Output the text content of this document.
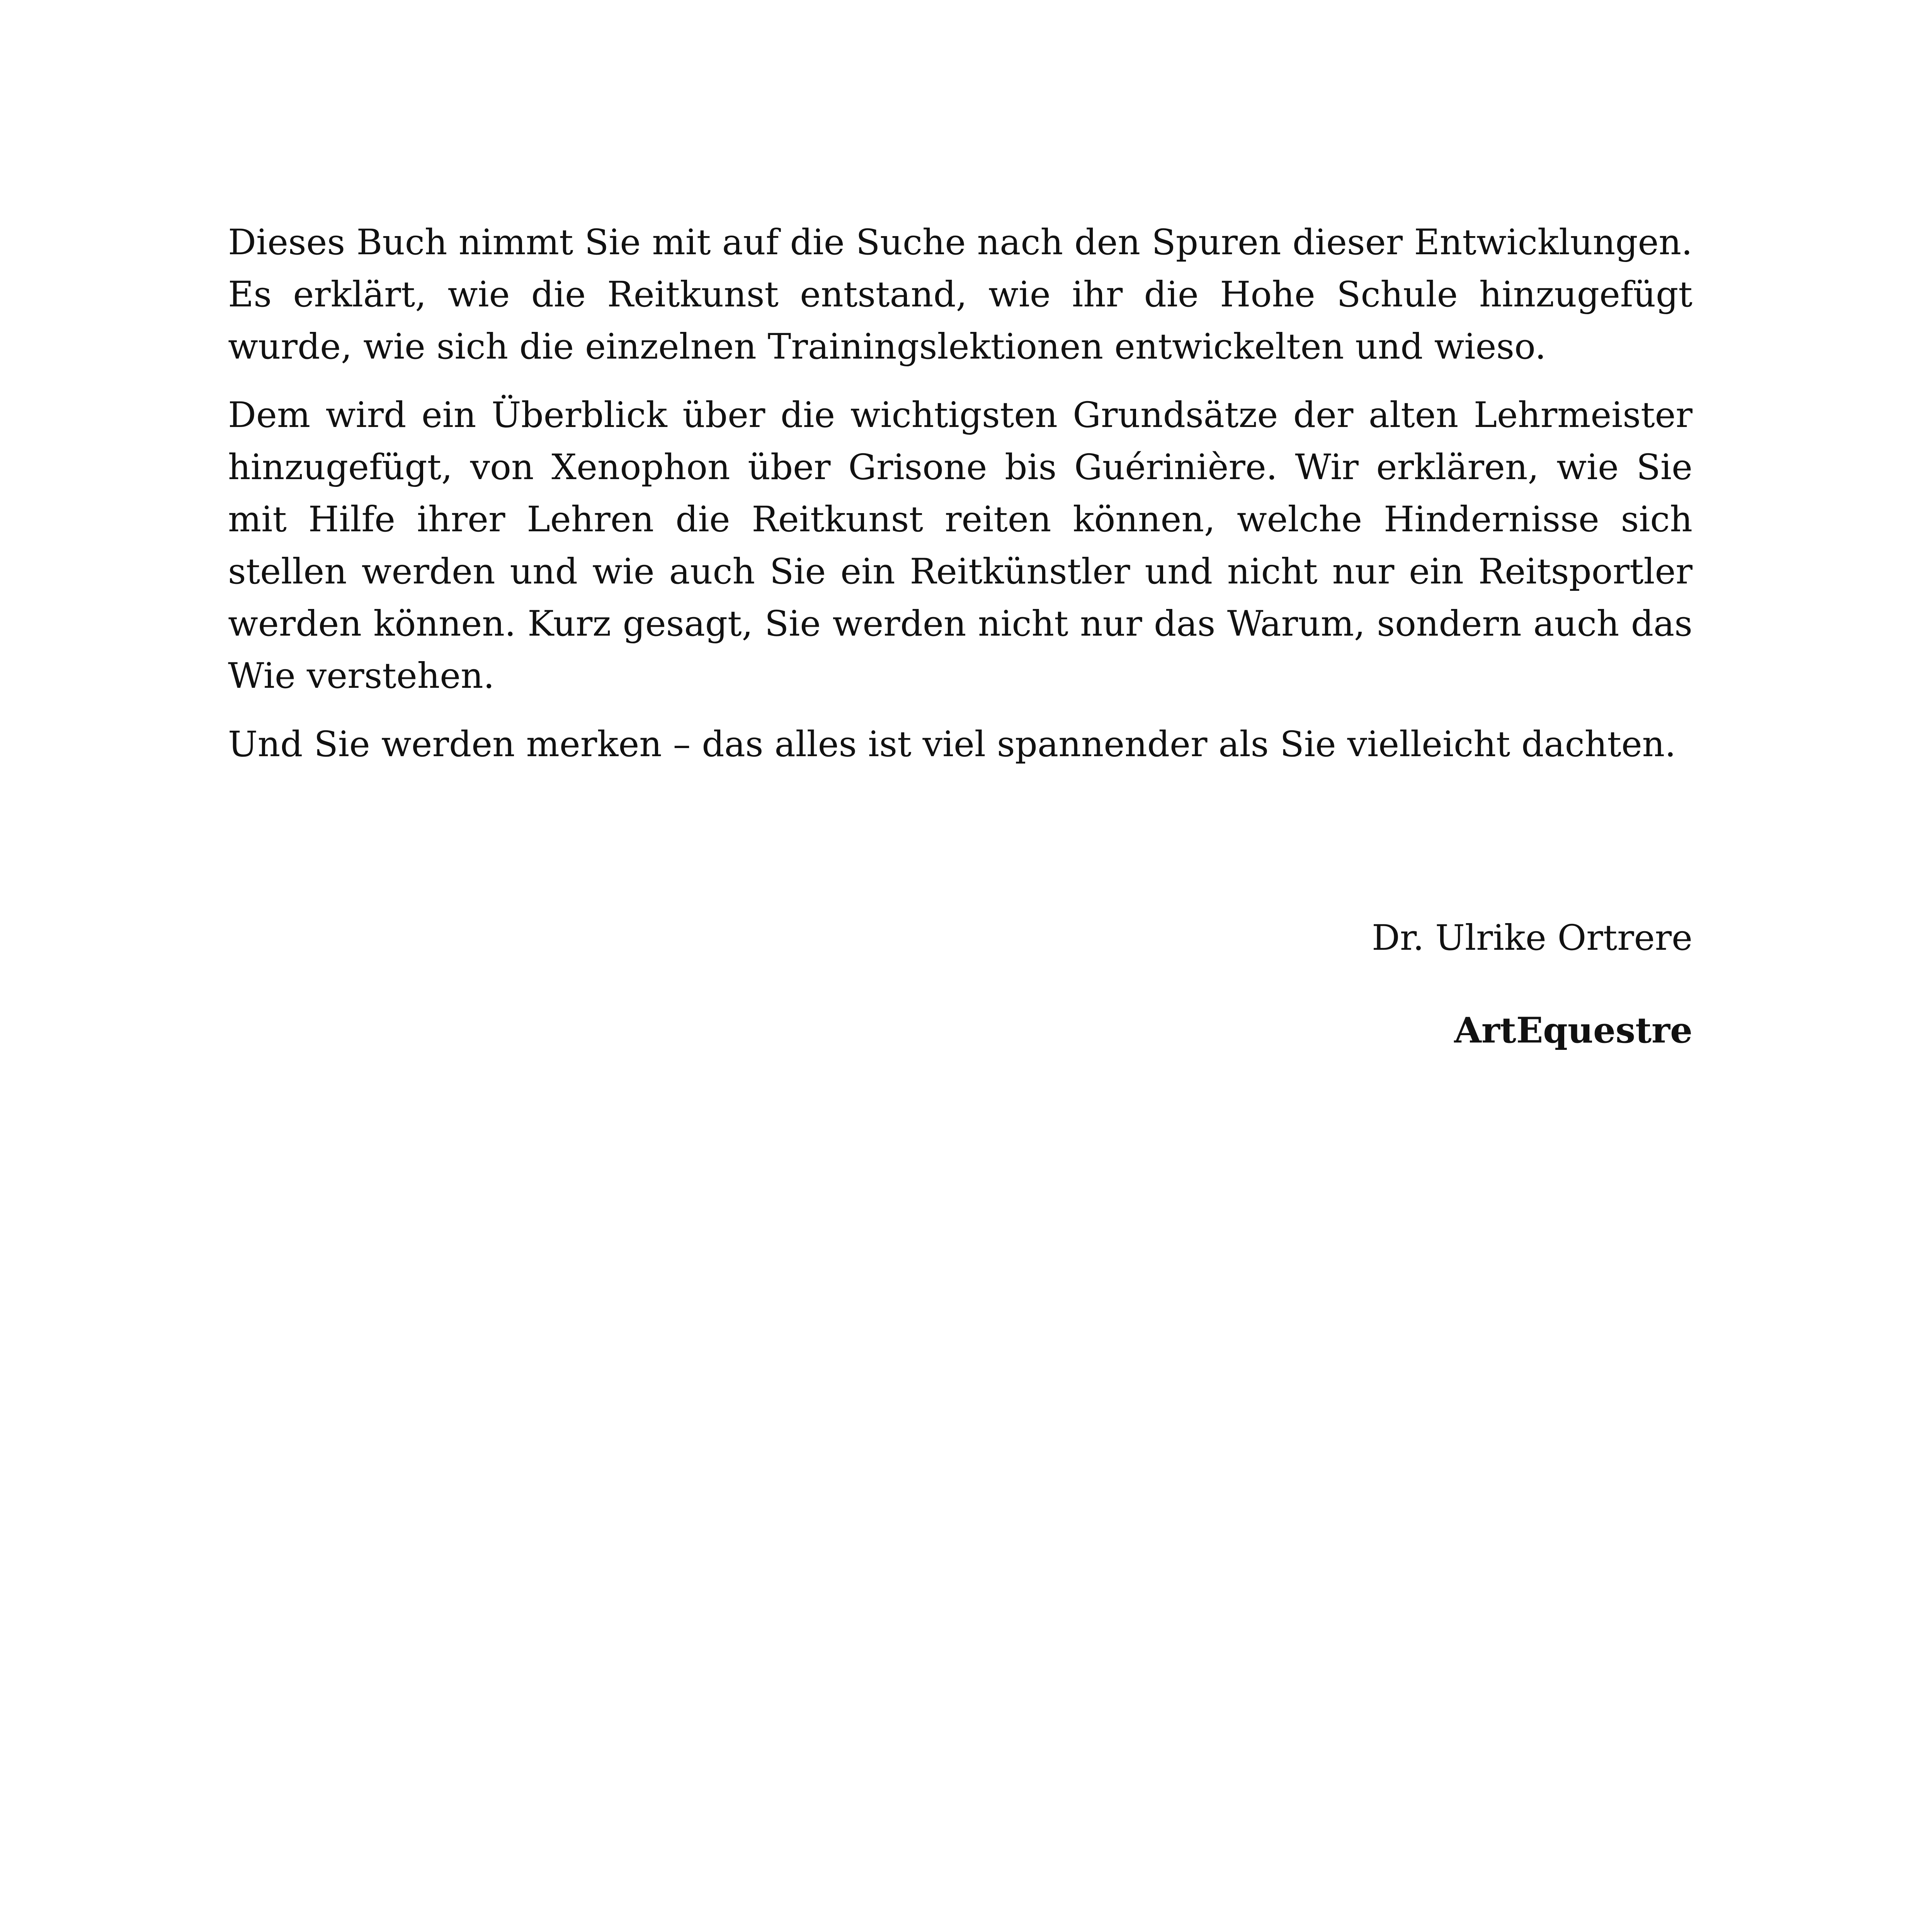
Dieses Buch nimmt Sie mit auf die Suche nach den Spuren dieser Entwicklungen. Es erklärt, wie die Reitkunst entstand, wie ihr die Hohe Schule hinzugefügt wurde, wie sich die einzelnen Trainingslektionen entwickelten und wieso.

Dem wird ein Überblick über die wichtigsten Grundsätze der alten Lehrmeister hinzugefügt, von Xenophon über Grisone bis Guérinière. Wir erklären, wie Sie mit Hilfe ihrer Lehren die Reitkunst reiten können, welche Hindernisse sich stellen werden und wie auch Sie ein Reitkünstler und nicht nur ein Reitsportler werden können. Kurz gesagt, Sie werden nicht nur das Warum, sondern auch das Wie verstehen.

Und Sie werden merken – das alles ist viel spannender als Sie vielleicht dachten.

Dr. Ulrike Ortrere
ArtEquestre
